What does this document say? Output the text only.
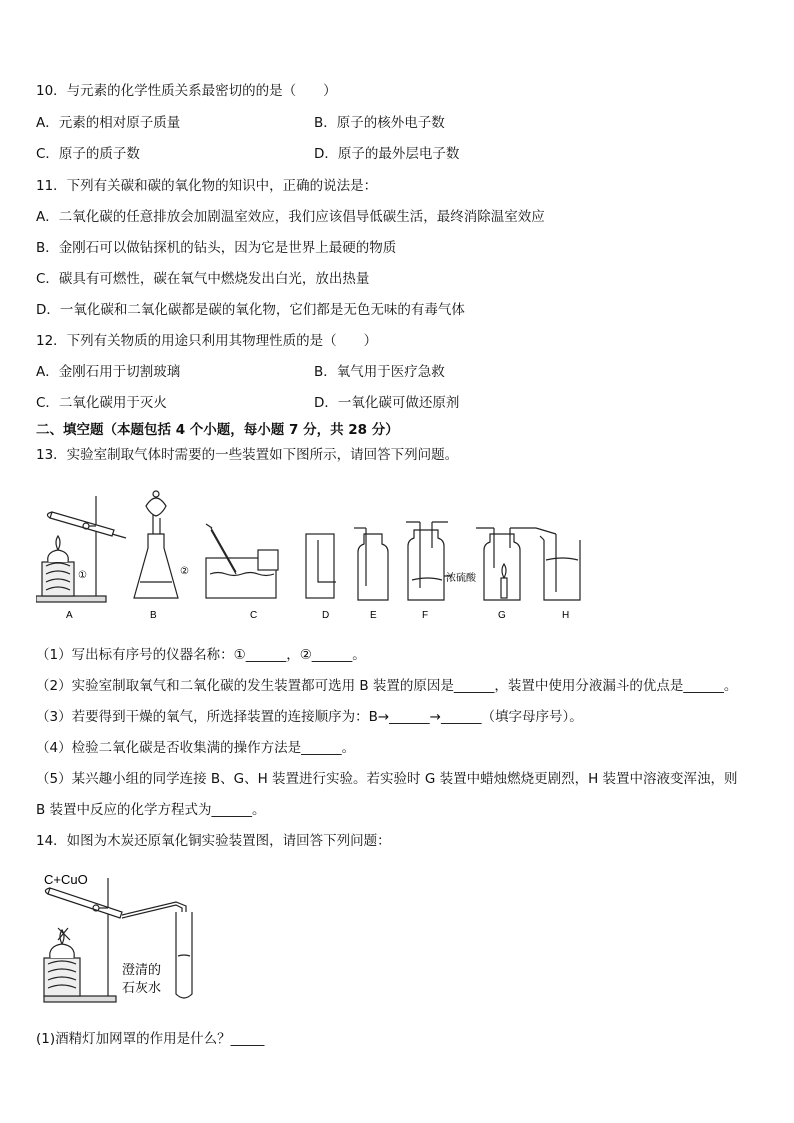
10．与元素的化学性质关系最密切的的是（　　）
A．元素的相对原子质量	B．原子的核外电子数
C．原子的质子数	D．原子的最外层电子数
11．下列有关碳和碳的氧化物的知识中，正确的说法是：
A．二氧化碳的任意排放会加剧温室效应，我们应该倡导低碳生活，最终消除温室效应
B．金刚石可以做钻探机的钻头，因为它是世界上最硬的物质
C．碳具有可燃性，碳在氧气中燃烧发出白光，放出热量
D．一氧化碳和二氧化碳都是碳的氧化物，它们都是无色无味的有毒气体
12．下列有关物质的用途只利用其物理性质的是（　　）
A．金刚石用于切割玻璃	B．氧气用于医疗急救
C．二氧化碳用于灭火	D．一氧化碳可做还原剂
二、填空题（本题包括 4 个小题，每小题 7 分，共 28 分）
13．实验室制取气体时需要的一些装置如下图所示，请回答下列问题。
①	②
浓硫酸
A	B	C	D	E	F	G	H
（1）写出标有序号的仪器名称：①______，②______。
（2）实验室制取氧气和二氧化碳的发生装置都可选用 B 装置的原因是______，装置中使用分液漏斗的优点是______。
（3）若要得到干燥的氧气，所选择装置的连接顺序为：B→______→______（填字母序号）。
（4）检验二氧化碳是否收集满的操作方法是______。
（5）某兴趣小组的同学连接 B、G、H 装置进行实验。若实验时 G 装置中蜡烛燃烧更剧烈，H 装置中溶液变浑浊，则
B 装置中反应的化学方程式为______。
14．如图为木炭还原氧化铜实验装置图，请回答下列问题：
C+CuO
澄清的
石灰水
(1)酒精灯加网罩的作用是什么？_____
